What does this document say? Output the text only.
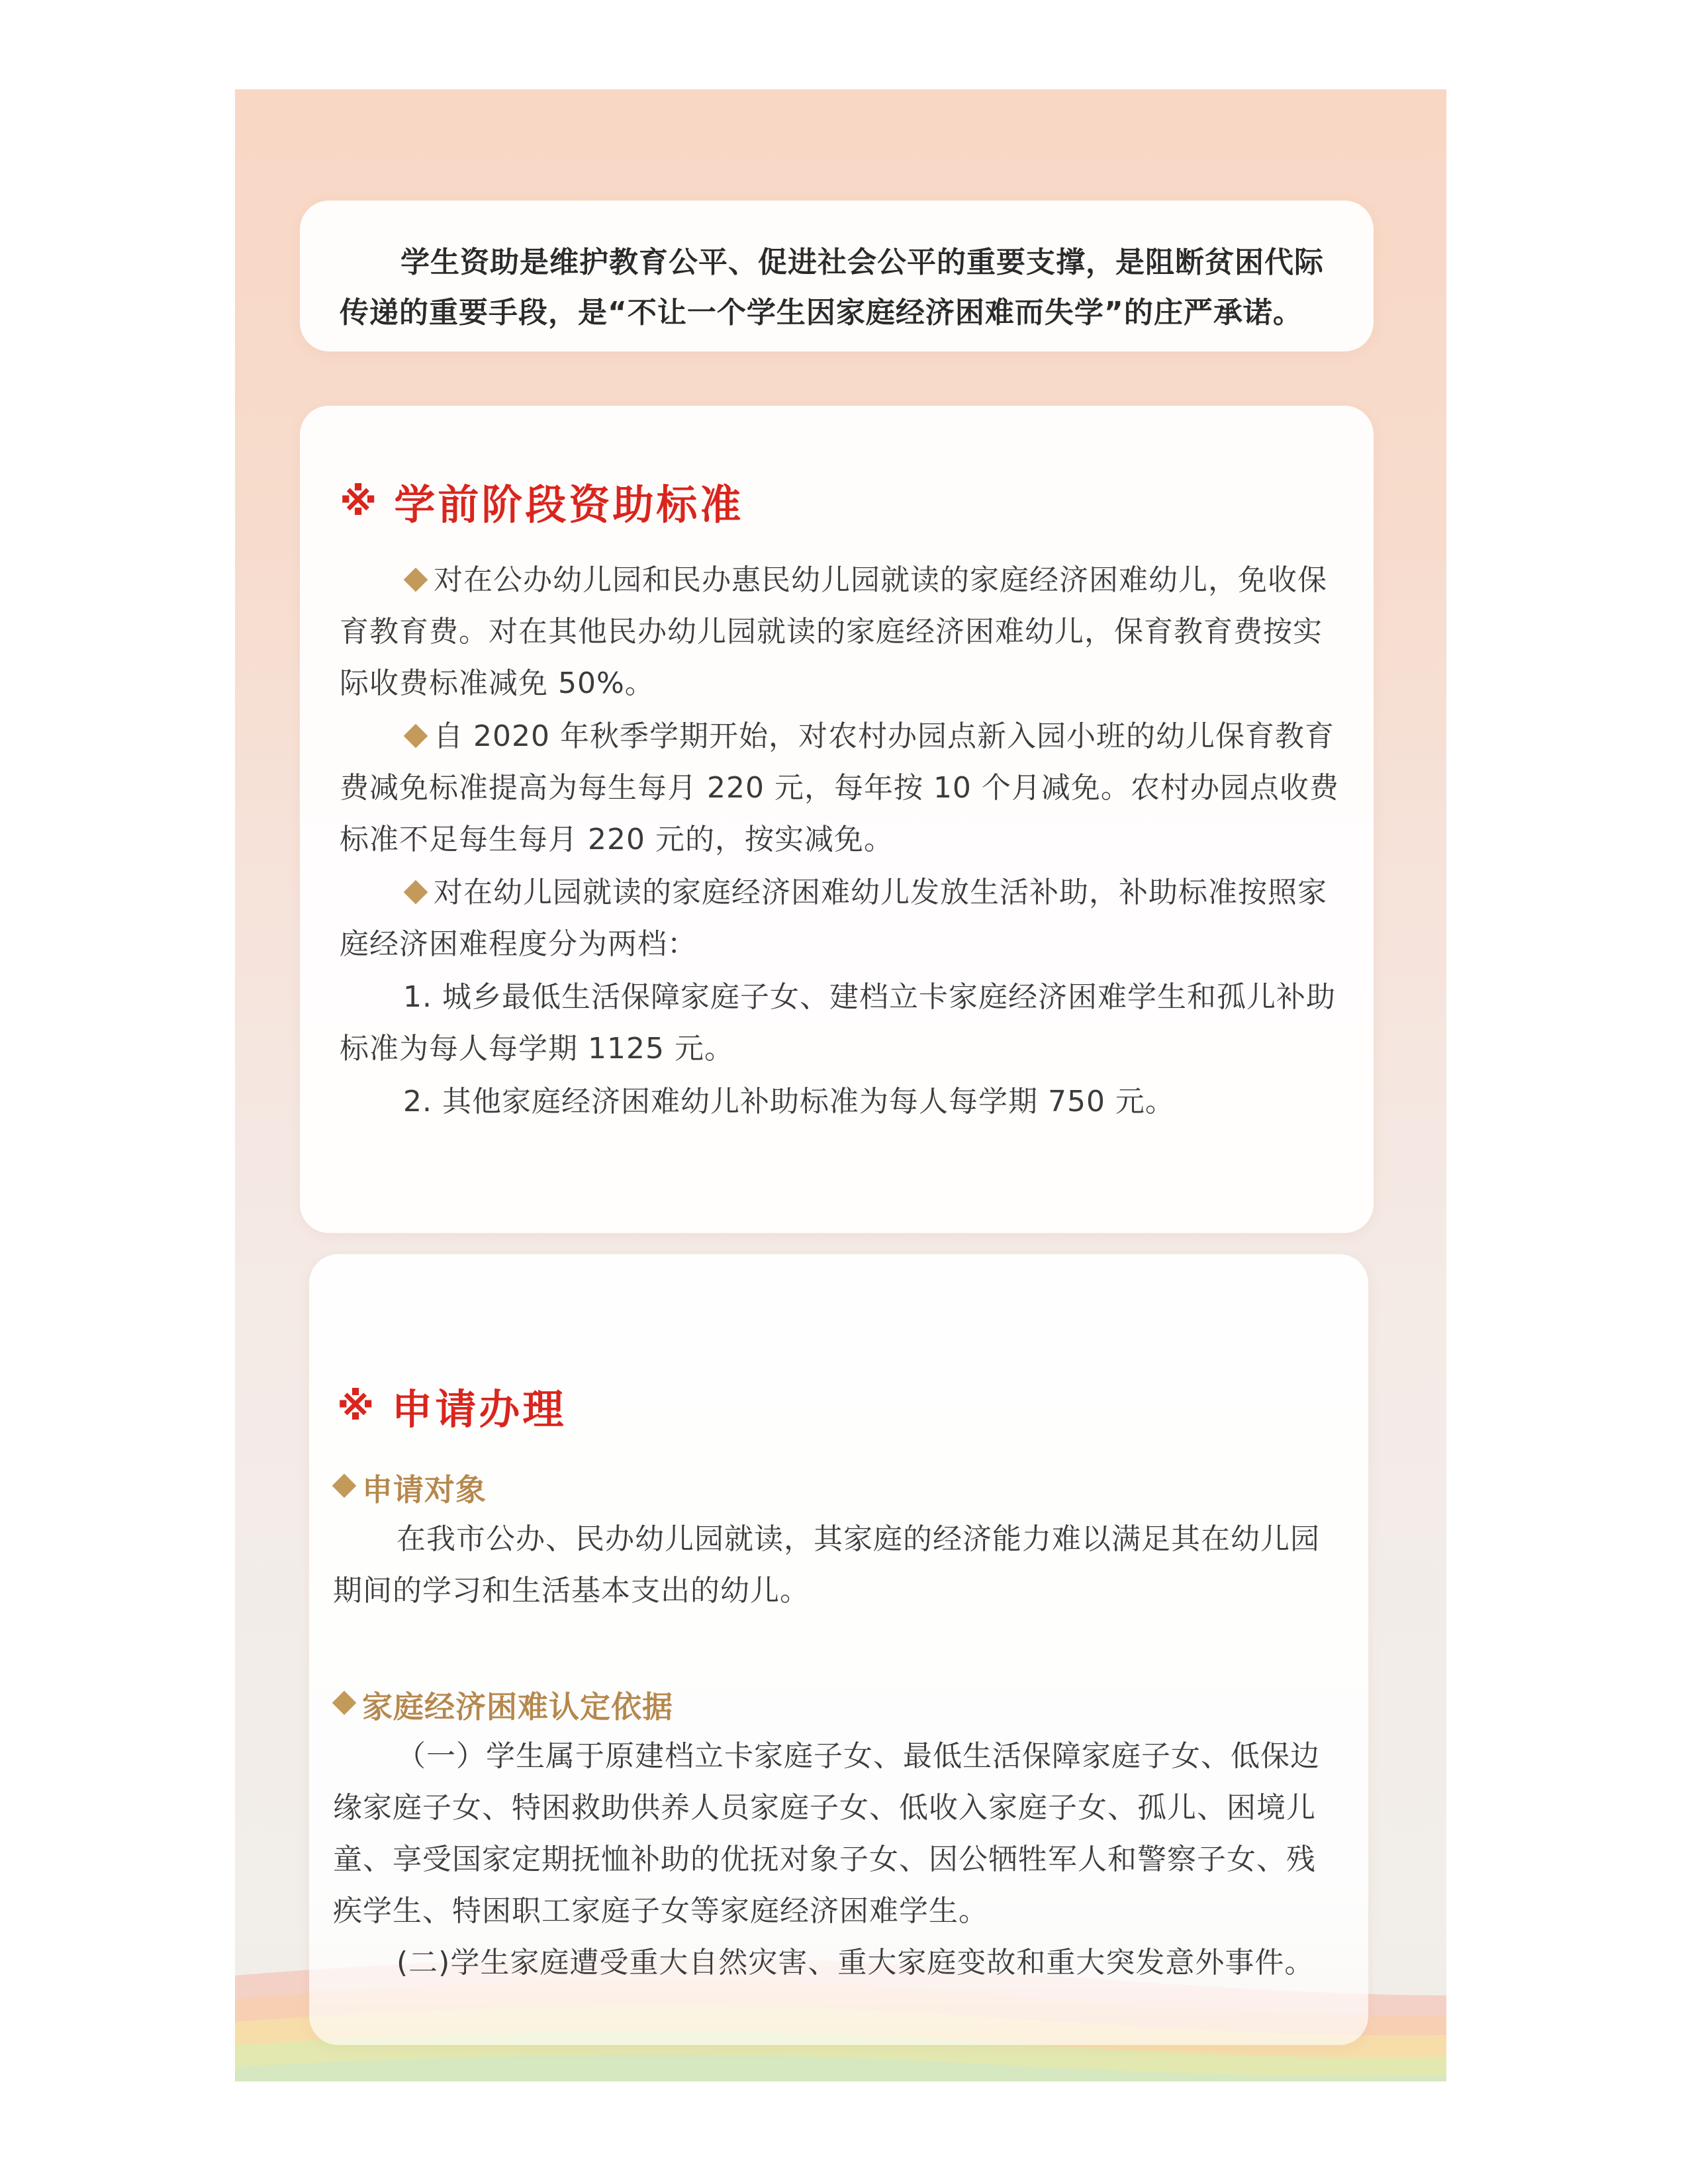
学生资助是维护教育公平、促进社会公平的重要支撑，是阻断贫困代际传递的重要手段，是“不让一个学生因家庭经济困难而失学”的庄严承诺。
※ 学前阶段资助标准
对在公办幼儿园和民办惠民幼儿园就读的家庭经济困难幼儿，免收保育教育费。对在其他民办幼儿园就读的家庭经济困难幼儿，保育教育费按实际收费标准减免 50%。
自 2020 年秋季学期开始，对农村办园点新入园小班的幼儿保育教育费减免标准提高为每生每月 220 元，每年按 10 个月减免。农村办园点收费标准不足每生每月 220 元的，按实减免。
对在幼儿园就读的家庭经济困难幼儿发放生活补助，补助标准按照家庭经济困难程度分为两档：
1. 城乡最低生活保障家庭子女、建档立卡家庭经济困难学生和孤儿补助标准为每人每学期 1125 元。
2. 其他家庭经济困难幼儿补助标准为每人每学期 750 元。
※ 申请办理
申请对象
在我市公办、民办幼儿园就读，其家庭的经济能力难以满足其在幼儿园期间的学习和生活基本支出的幼儿。
家庭经济困难认定依据
（一）学生属于原建档立卡家庭子女、最低生活保障家庭子女、低保边缘家庭子女、特困救助供养人员家庭子女、低收入家庭子女、孤儿、困境儿童、享受国家定期抚恤补助的优抚对象子女、因公牺牲军人和警察子女、残疾学生、特困职工家庭子女等家庭经济困难学生。
(二)学生家庭遭受重大自然灾害、重大家庭变故和重大突发意外事件。
